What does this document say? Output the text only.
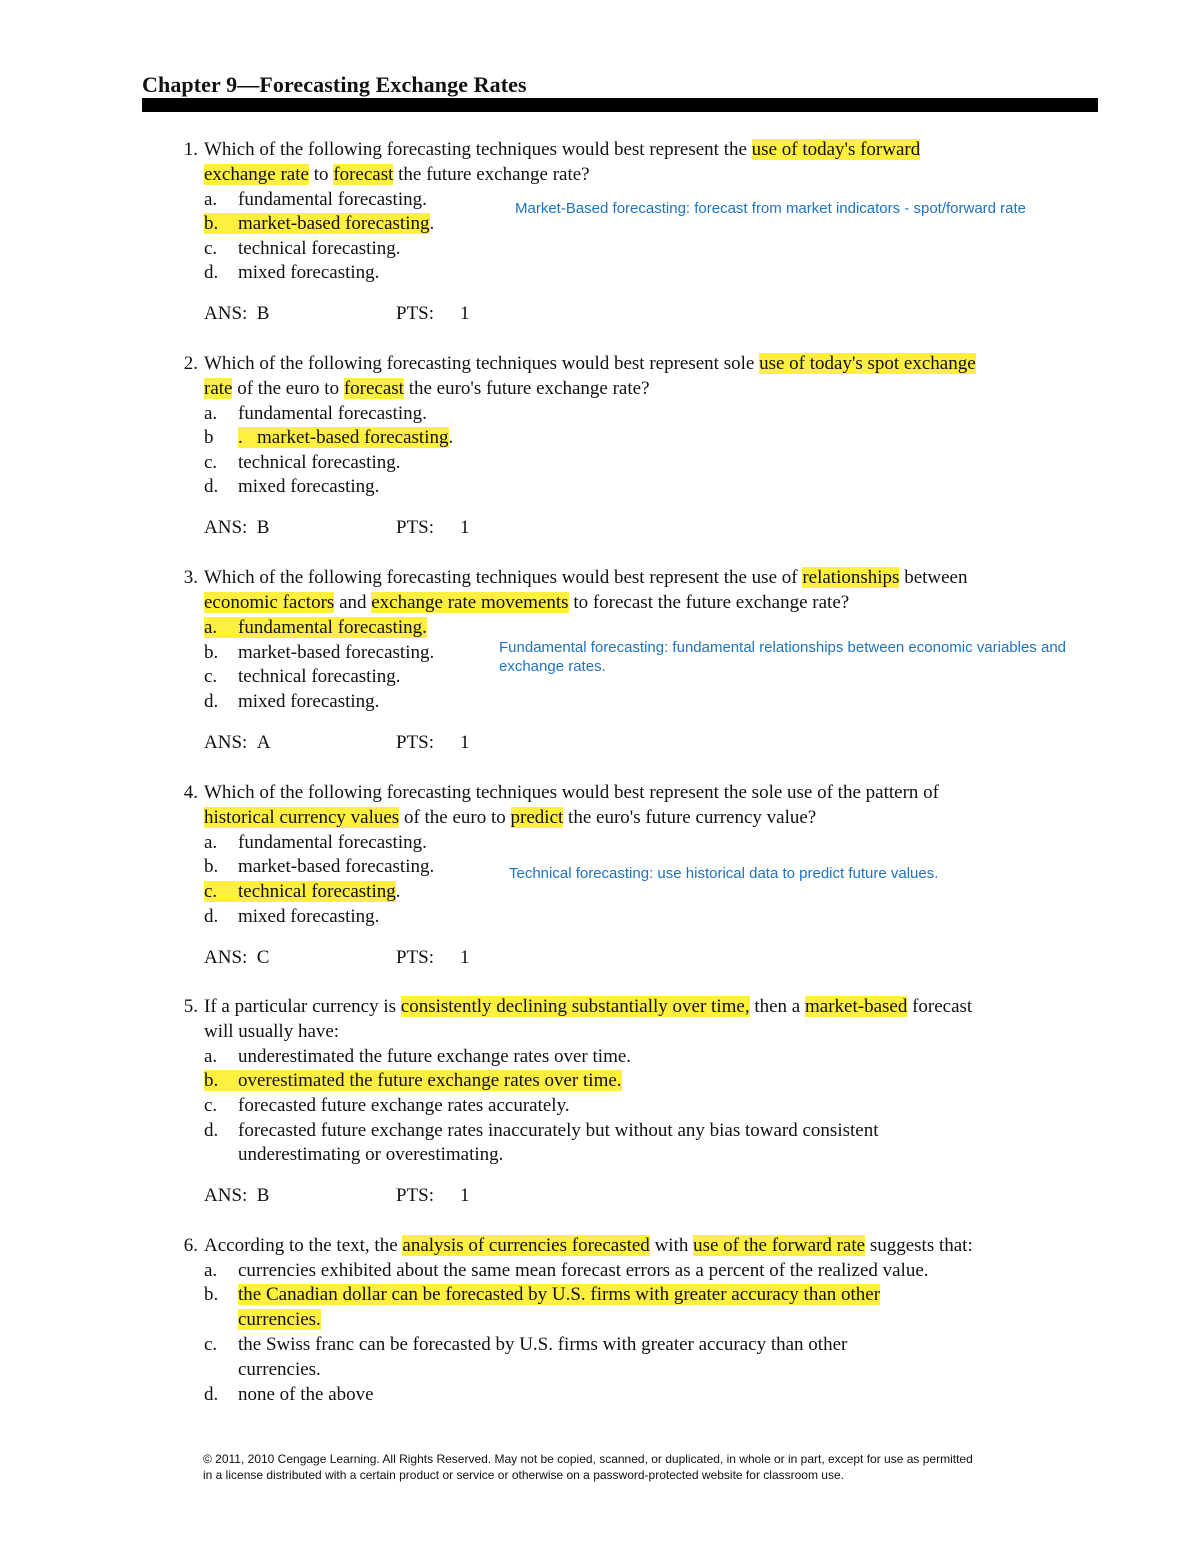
Chapter 9—Forecasting Exchange Rates
1. Which of the following forecasting techniques would best represent the use of today's forward
exchange rate to forecast the future exchange rate?
a. fundamental forecasting.
b. market-based forecasting.
c. technical forecasting.
d. mixed forecasting.
ANS: B	PTS: 1
Market-Based forecasting: forecast from market indicators - spot/forward rate
2. Which of the following forecasting techniques would best represent sole use of today's spot exchange
rate of the euro to forecast the euro's future exchange rate?
a. fundamental forecasting.
b .   market-based forecasting.
c. technical forecasting.
d. mixed forecasting.
ANS: B	PTS: 1
3. Which of the following forecasting techniques would best represent the use of relationships between
economic factors and exchange rate movements to forecast the future exchange rate?
a. fundamental forecasting.
b. market-based forecasting.
c. technical forecasting.
d. mixed forecasting.
ANS: A	PTS: 1
Fundamental forecasting: fundamental relationships between economic variables and
exchange rates.
4. Which of the following forecasting techniques would best represent the sole use of the pattern of
historical currency values of the euro to predict the euro's future currency value?
a. fundamental forecasting.
b. market-based forecasting.
c. technical forecasting.
d. mixed forecasting.
ANS: C	PTS: 1
Technical forecasting: use historical data to predict future values.
5. If a particular currency is consistently declining substantially over time, then a market-based forecast
will usually have:
a. underestimated the future exchange rates over time.
b. overestimated the future exchange rates over time.
c. forecasted future exchange rates accurately.
d. forecasted future exchange rates inaccurately but without any bias toward consistent
underestimating or overestimating.
ANS: B	PTS: 1
6. According to the text, the analysis of currencies forecasted with use of the forward rate suggests that:
a. currencies exhibited about the same mean forecast errors as a percent of the realized value.
b. the Canadian dollar can be forecasted by U.S. firms with greater accuracy than other
currencies.
c. the Swiss franc can be forecasted by U.S. firms with greater accuracy than other
currencies.
d. none of the above
© 2011, 2010 Cengage Learning. All Rights Reserved. May not be copied, scanned, or duplicated, in whole or in part, except for use as permitted
in a license distributed with a certain product or service or otherwise on a password-protected website for classroom use.
